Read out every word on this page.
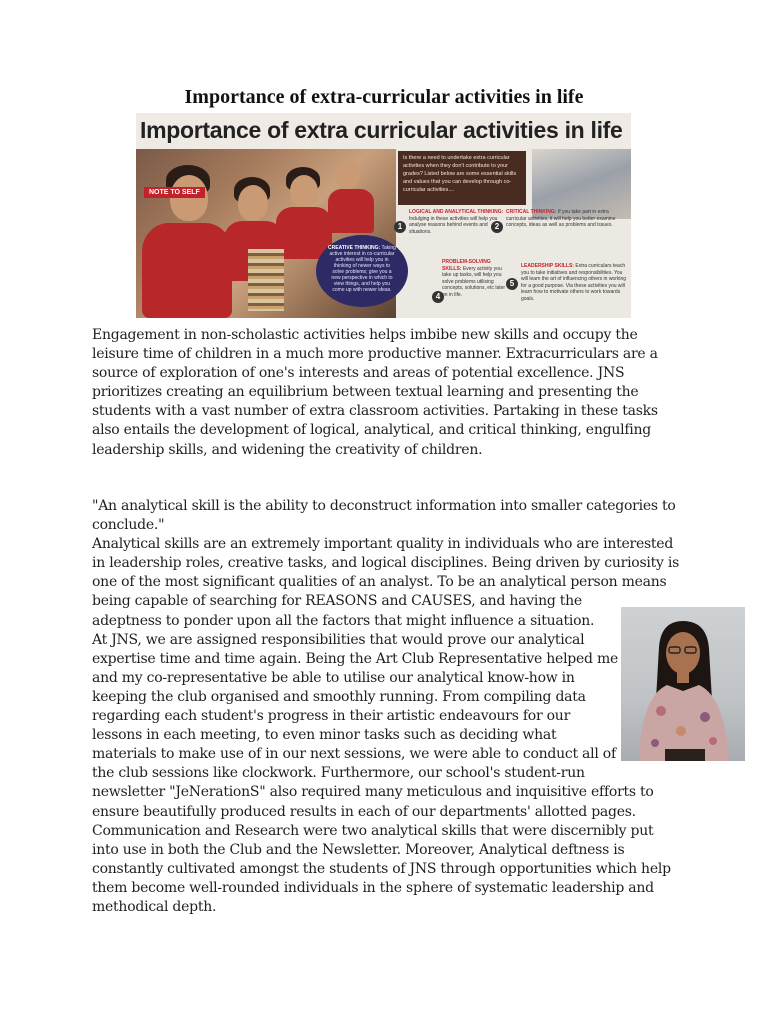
Importance of extra-curricular activities in life
Importance of extra curricular activities in life
NOTE TO SELF
Is there a need to undertake extra curricular activities when they don't contribute to your grades? Listed below are some essential skills and values that you can develop through co-curricular activities....
1
LOGICAL AND ANALYTICAL THINKING: Indulging in these activities will help you analyse reasons behind events and situations.
2
CRITICAL THINKING: If you take part in extra curricular activities, it will help you better examine concepts, ideas as well as problems and issues.
CREATIVE THINKING: Taking active interest in co-curricular activities will help you in thinking of newer ways to solve problems; give you a new perspective in which to view things, and help you come up with newer ideas.
4
PROBLEM-SOLVING SKILLS: Every activity you take up tasks, will help you solve problems utilising concepts, solutions, etc later on in life.
5
LEADERSHIP SKILLS: Extra curriculars teach you to take initiatives and responsibilities. You will learn the art of influencing others in working for a good purpose. Via these activities you will learn how to motivate others to work towards goals.
Engagement in non-scholastic activities helps imbibe new skills and occupy the
leisure time of children in a much more productive manner. Extracurriculars are a
source of exploration of one's interests and areas of potential excellence. JNS
prioritizes creating an equilibrium between textual learning and presenting the
students with a vast number of extra classroom activities. Partaking in these tasks
also entails the development of logical, analytical, and critical thinking, engulfing
leadership skills, and widening the creativity of children.
"An analytical skill is the ability to deconstruct information into smaller categories to
conclude."
Analytical skills are an extremely important quality in individuals who are interested
in leadership roles, creative tasks, and logical disciplines. Being driven by curiosity is
one of the most significant qualities of an analyst. To be an analytical person means
being capable of searching for REASONS and CAUSES, and having the
adeptness to ponder upon all the factors that might influence a situation.
At JNS, we are assigned responsibilities that would prove our analytical
expertise time and time again. Being the Art Club Representative helped me
and my co-representative be able to utilise our analytical know-how in
keeping the club organised and smoothly running. From compiling data
regarding each student's progress in their artistic endeavours for our
lessons in each meeting, to even minor tasks such as deciding what
materials to make use of in our next sessions, we were able to conduct all of
the club sessions like clockwork. Furthermore, our school's student-run
newsletter "JeNerationS" also required many meticulous and inquisitive efforts to
ensure beautifully produced results in each of our departments' allotted pages.
Communication and Research were two analytical skills that were discernibly put
into use in both the Club and the Newsletter. Moreover, Analytical deftness is
constantly cultivated amongst the students of JNS through opportunities which help
them become well-rounded individuals in the sphere of systematic leadership and
methodical depth.
